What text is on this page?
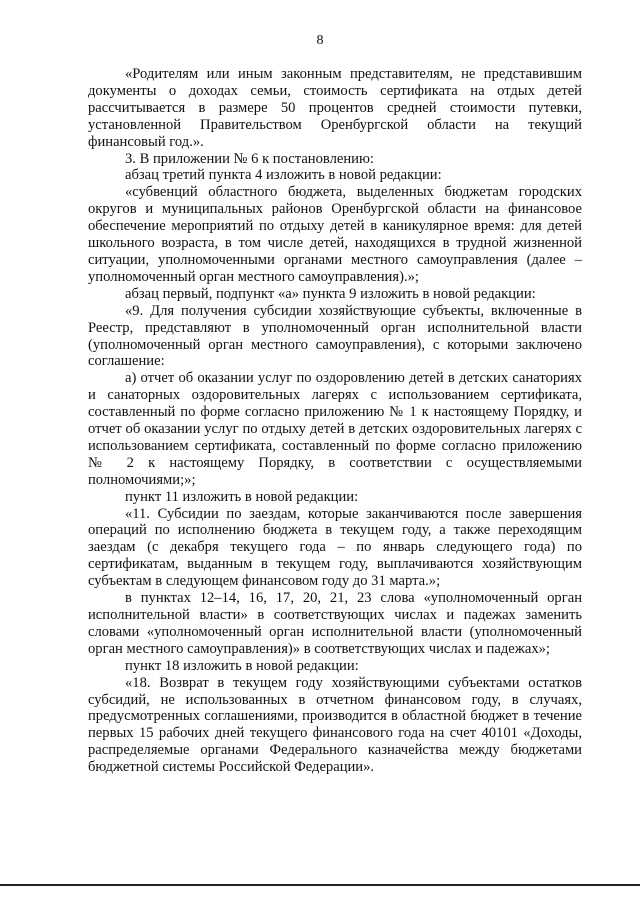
8

«Родителям или иным законным представителям, не представившим документы о доходах семьи, стоимость сертификата на отдых детей рассчитывается в размере 50 процентов средней стоимости путевки, установленной Правительством Оренбургской области на текущий финансовый год.».

3. В приложении № 6 к постановлению:

абзац третий пункта 4 изложить в новой редакции:

«субвенций областного бюджета, выделенных бюджетам городских округов и муниципальных районов Оренбургской области на финансовое обеспечение мероприятий по отдыху детей в каникулярное время: для детей школьного возраста, в том числе детей, находящихся в трудной жизненной ситуации, уполномоченными органами местного самоуправления (далее – уполномоченный орган местного самоуправления).»;

абзац первый, подпункт «а» пункта 9 изложить в новой редакции:

«9. Для получения субсидии хозяйствующие субъекты, включенные в Реестр, представляют в уполномоченный орган исполнительной власти (уполномоченный орган местного самоуправления), с которыми заключено соглашение:

а) отчет об оказании услуг по оздоровлению детей в детских санаториях и санаторных оздоровительных лагерях с использованием сертификата, составленный по форме согласно приложению № 1 к настоящему Порядку, и отчет об оказании услуг по отдыху детей в детских оздоровительных лагерях с использованием сертификата, составленный по форме согласно приложению № 2 к настоящему Порядку, в соответствии с осуществляемыми полномочиями;»;

пункт 11 изложить в новой редакции:

«11. Субсидии по заездам, которые заканчиваются после завершения операций по исполнению бюджета в текущем году, а также переходящим заездам (с декабря текущего года – по январь следующего года) по сертификатам, выданным в текущем году, выплачиваются хозяйствующим субъектам в следующем финансовом году до 31 марта.»;

в пунктах 12–14, 16, 17, 20, 21, 23 слова «уполномоченный орган исполнительной власти» в соответствующих числах и падежах заменить словами «уполномоченный орган исполнительной власти (уполномоченный орган местного самоуправления)» в соответствующих числах и падежах»;

пункт 18 изложить в новой редакции:

«18. Возврат в текущем году хозяйствующими субъектами остатков субсидий, не использованных в отчетном финансовом году, в случаях, предусмотренных соглашениями, производится в областной бюджет в течение первых 15 рабочих дней текущего финансового года на счет 40101 «Доходы, распределяемые органами Федерального казначейства между бюджетами бюджетной системы Российской Федерации».
